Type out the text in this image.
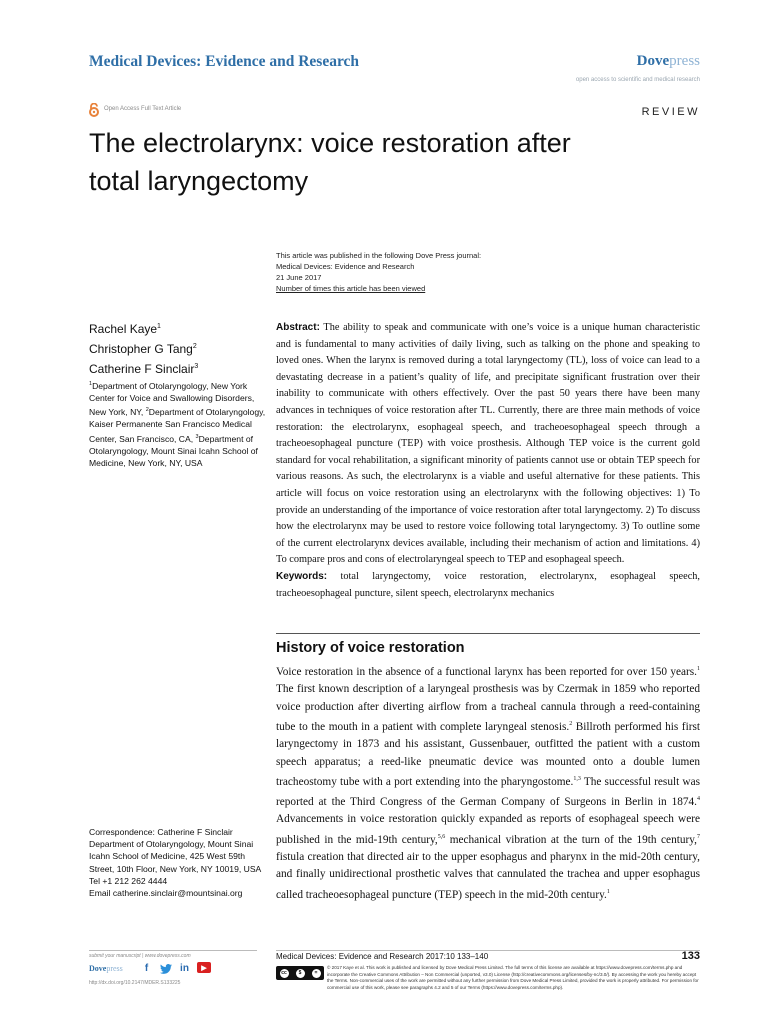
Medical Devices: Evidence and Research	Dovepress
open access to scientific and medical research
Open Access Full Text Article	REVIEW
The electrolarynx: voice restoration after
total laryngectomy
This article was published in the following Dove Press journal:
Medical Devices: Evidence and Research
21 June 2017
Number of times this article has been viewed
Rachel Kaye$^1$
Christopher G Tang$^2$
Catherine F Sinclair$^3$
$^1$Department of Otolaryngology, New York Center for Voice and Swallowing Disorders, New York, NY, $^2$Department of Otolaryngology, Kaiser Permanente San Francisco Medical Center, San Francisco, CA, $^3$Department of Otolaryngology, Mount Sinai Icahn School of Medicine, New York, NY, USA
Correspondence: Catherine F Sinclair
Department of Otolaryngology, Mount Sinai Icahn School of Medicine, 425 West 59th Street, 10th Floor, New York, NY 10019, USA
Tel +1 212 262 4444
Email catherine.sinclair@mountsinai.org
Abstract: The ability to speak and communicate with one’s voice is a unique human characteristic and is fundamental to many activities of daily living, such as talking on the phone and speaking to loved ones. When the larynx is removed during a total laryngectomy (TL), loss of voice can lead to a devastating decrease in a patient’s quality of life, and precipitate significant frustration over their inability to communicate with others effectively. Over the past 50 years there have been many advances in techniques of voice restoration after TL. Currently, there are three main methods of voice restoration: the electrolarynx, esophageal speech, and tracheoesophageal speech through a tracheoesophageal puncture (TEP) with voice prosthesis. Although TEP voice is the current gold standard for vocal rehabilitation, a significant minority of patients cannot use or obtain TEP speech for various reasons. As such, the electrolarynx is a viable and useful alternative for these patients. This article will focus on voice restoration using an electrolarynx with the following objectives: 1) To provide an understanding of the importance of voice restoration after total laryngectomy. 2) To discuss how the electrolarynx may be used to restore voice following total laryngectomy. 3) To outline some of the current electrolarynx devices available, including their mechanism of action and limitations. 4) To compare pros and cons of electrolaryngeal speech to TEP and esophageal speech.
Keywords: total laryngectomy, voice restoration, electrolarynx, esophageal speech, tracheoesophageal puncture, silent speech, electrolarynx mechanics
History of voice restoration
Voice restoration in the absence of a functional larynx has been reported for over 150 years.$^1$ The first known description of a laryngeal prosthesis was by Czermak in 1859 who reported voice production after diverting airflow from a tracheal cannula through a reed-containing tube to the mouth in a patient with complete laryngeal stenosis.$^2$ Billroth performed his first laryngectomy in 1873 and his assistant, Gussenbauer, outfitted the patient with a custom speech apparatus; a reed-like pneumatic device was mounted onto a double lumen tracheostomy tube with a port extending into the pharyngostome.$^{1,3}$ The successful result was reported at the Third Congress of the German Company of Surgeons in Berlin in 1874.$^4$ Advancements in voice restoration quickly expanded as reports of esophageal speech were published in the mid-19th century,$^{5,6}$ mechanical vibration at the turn of the 19th century,$^7$ fistula creation that directed air to the upper esophagus and pharynx in the mid-20th century, and finally unidirectional prosthetic valves that cannulated the trachea and upper esophagus called tracheoesophageal puncture (TEP) speech in the mid-20th century.$^1$
submit your manuscript | www.dovepress.com
Dovepress	f	in	▶
http://dx.doi.org/10.2147/MDER.S133225
Medical Devices: Evidence and Research 2017:10 133–140	133
cc	$	=
© 2017 Kaye et al. This work is published and licensed by Dove Medical Press Limited. The full terms of this license are available at https://www.dovepress.com/terms.php and incorporate the Creative Commons Attribution – Non Commercial (unported, v3.0) License (http://creativecommons.org/licenses/by-nc/3.0/). By accessing the work you hereby accept the Terms. Non-commercial uses of the work are permitted without any further permission from Dove Medical Press Limited, provided the work is properly attributed. For permission for commercial use of this work, please see paragraphs 4.2 and 5 of our Terms (https://www.dovepress.com/terms.php).
